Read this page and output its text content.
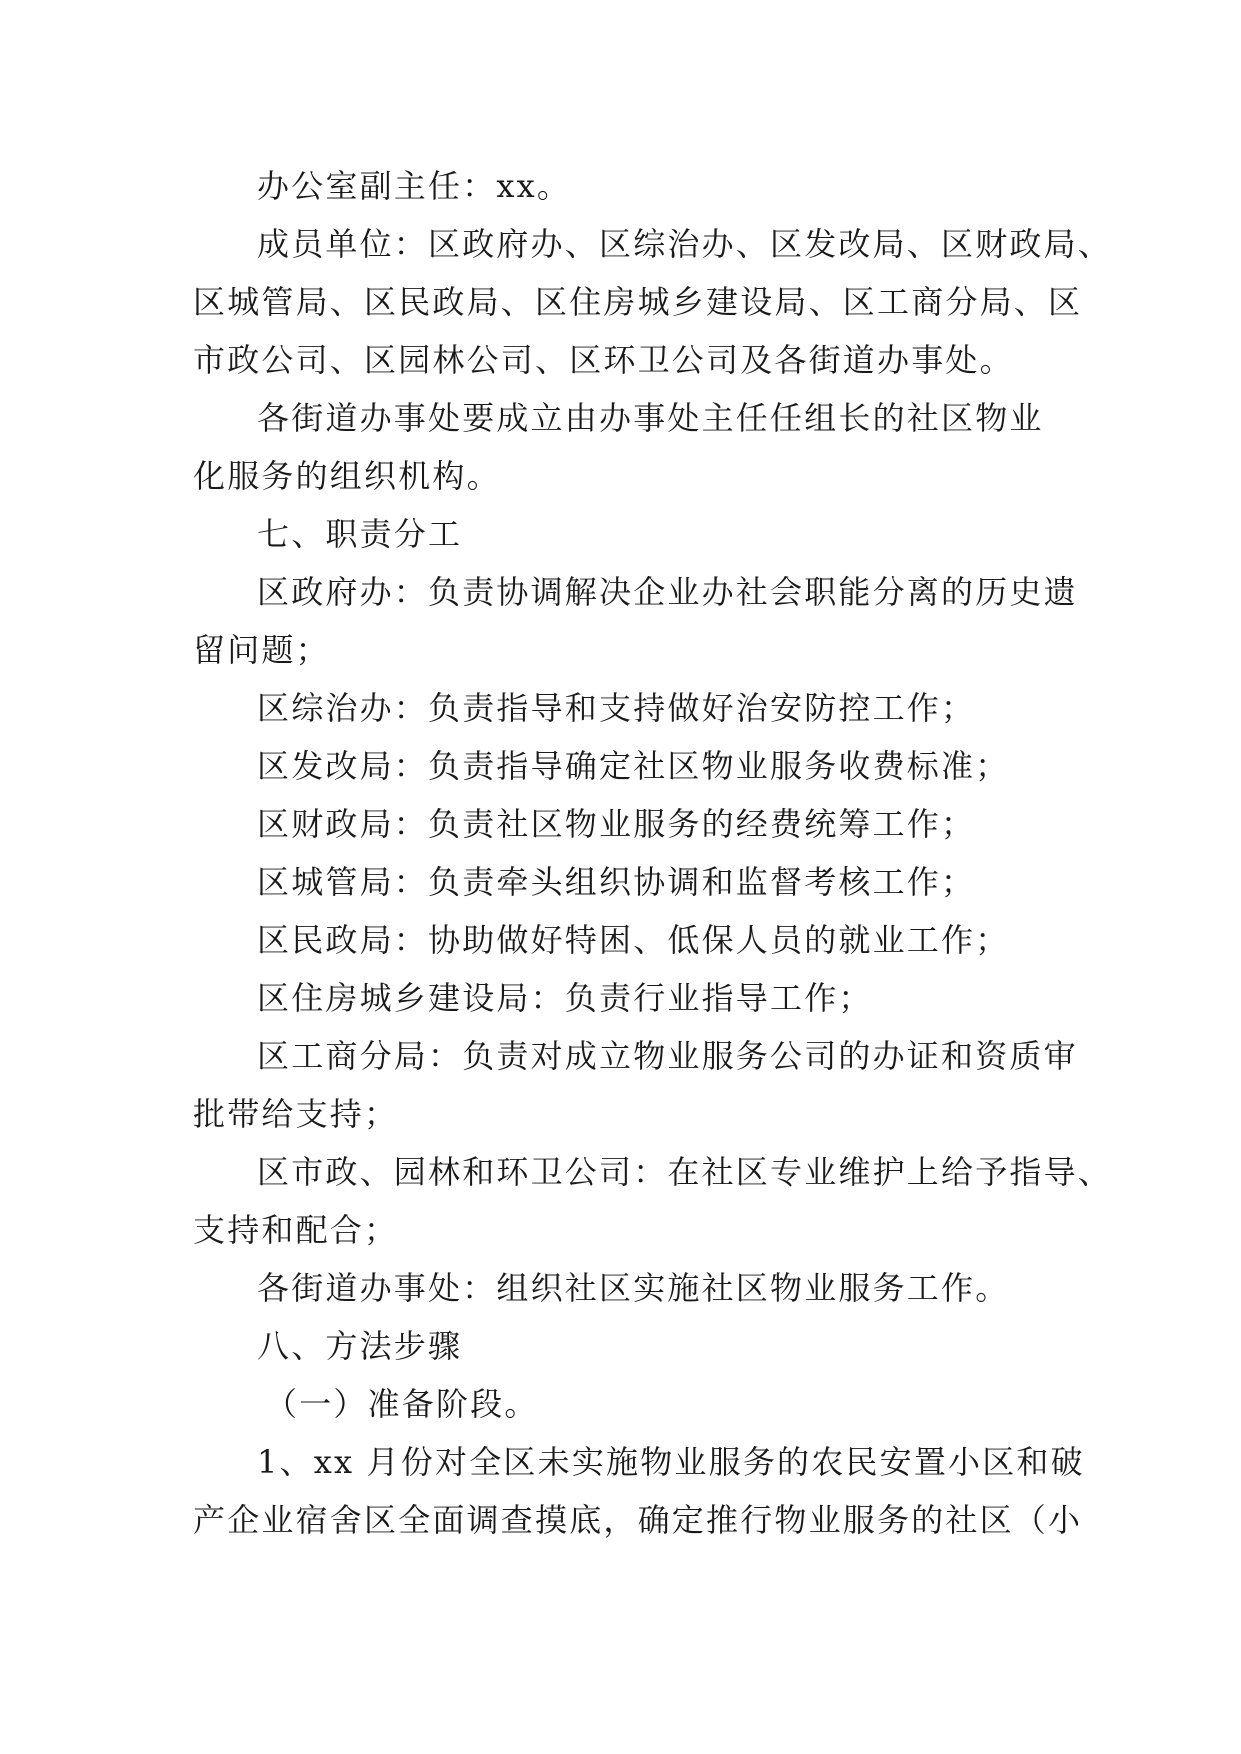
办公室副主任：xx。
成员单位：区政府办、区综治办、区发改局、区财政局、
区城管局、区民政局、区住房城乡建设局、区工商分局、区
市政公司、区园林公司、区环卫公司及各街道办事处。
各街道办事处要成立由办事处主任任组长的社区物业
化服务的组织机构。
七、职责分工
区政府办：负责协调解决企业办社会职能分离的历史遗
留问题；
区综治办：负责指导和支持做好治安防控工作；
区发改局：负责指导确定社区物业服务收费标准；
区财政局：负责社区物业服务的经费统筹工作；
区城管局：负责牵头组织协调和监督考核工作；
区民政局：协助做好特困、低保人员的就业工作；
区住房城乡建设局：负责行业指导工作；
区工商分局：负责对成立物业服务公司的办证和资质审
批带给支持；
区市政、园林和环卫公司：在社区专业维护上给予指导、
支持和配合；
各街道办事处：组织社区实施社区物业服务工作。
八、方法步骤
（一）准备阶段。
1、xx 月份对全区未实施物业服务的农民安置小区和破
产企业宿舍区全面调查摸底，确定推行物业服务的社区（小
